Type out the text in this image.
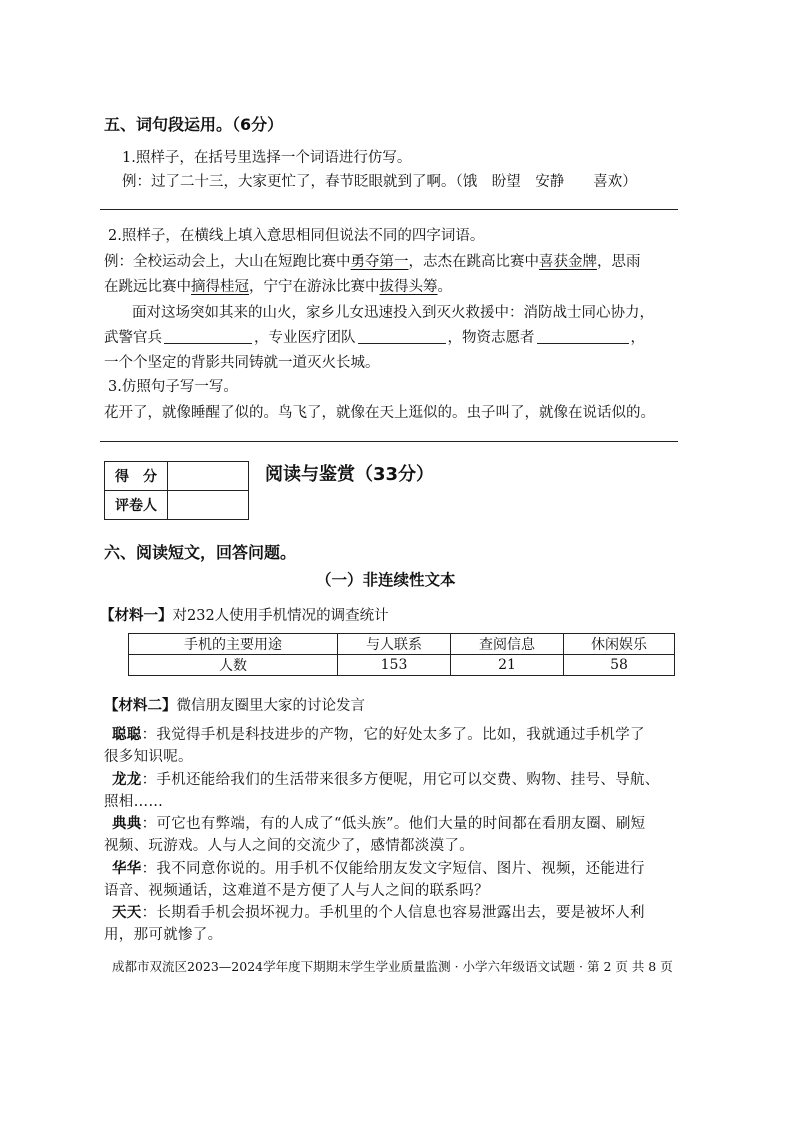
五、词句段运用。（6分）
1.照样子，在括号里选择一个词语进行仿写。
例：过了二十三，大家更忙了，春节眨眼就到了啊。（饿　盼望　安静　　喜欢）
2.照样子，在横线上填入意思相同但说法不同的四字词语。
例：全校运动会上，大山在短跑比赛中勇夺第一，志杰在跳高比赛中喜获金牌，思雨
在跳远比赛中摘得桂冠，宁宁在游泳比赛中拔得头筹。
面对这场突如其来的山火，家乡儿女迅速投入到灭火救援中：消防战士同心协力，
武警官兵	，专业医疗团队	，物资志愿者	，
一个个坚定的背影共同铸就一道灭火长城。
3.仿照句子写一写。
花开了，就像睡醒了似的。鸟飞了，就像在天上逛似的。虫子叫了，就像在说话似的。
得　分	
评卷人	
阅读与鉴赏（33分）
六、阅读短文，回答问题。
（一）非连续性文本
【材料一】对232人使用手机情况的调查统计
手机的主要用途	与人联系	查阅信息	休闲娱乐
人数	153	21	58
【材料二】微信朋友圈里大家的讨论发言
聪聪：我觉得手机是科技进步的产物，它的好处太多了。比如，我就通过手机学了
很多知识呢。
龙龙：手机还能给我们的生活带来很多方便呢，用它可以交费、购物、挂号、导航、
照相……
典典：可它也有弊端，有的人成了“低头族”。他们大量的时间都在看朋友圈、刷短
视频、玩游戏。人与人之间的交流少了，感情都淡漠了。
华华：我不同意你说的。用手机不仅能给朋友发文字短信、图片、视频，还能进行
语音、视频通话，这难道不是方便了人与人之间的联系吗？
天天：长期看手机会损坏视力。手机里的个人信息也容易泄露出去，要是被坏人利
用，那可就惨了。
成都市双流区2023—2024学年度下期期末学生学业质量监测 · 小学六年级语文试题 · 第 2 页 共 8 页
